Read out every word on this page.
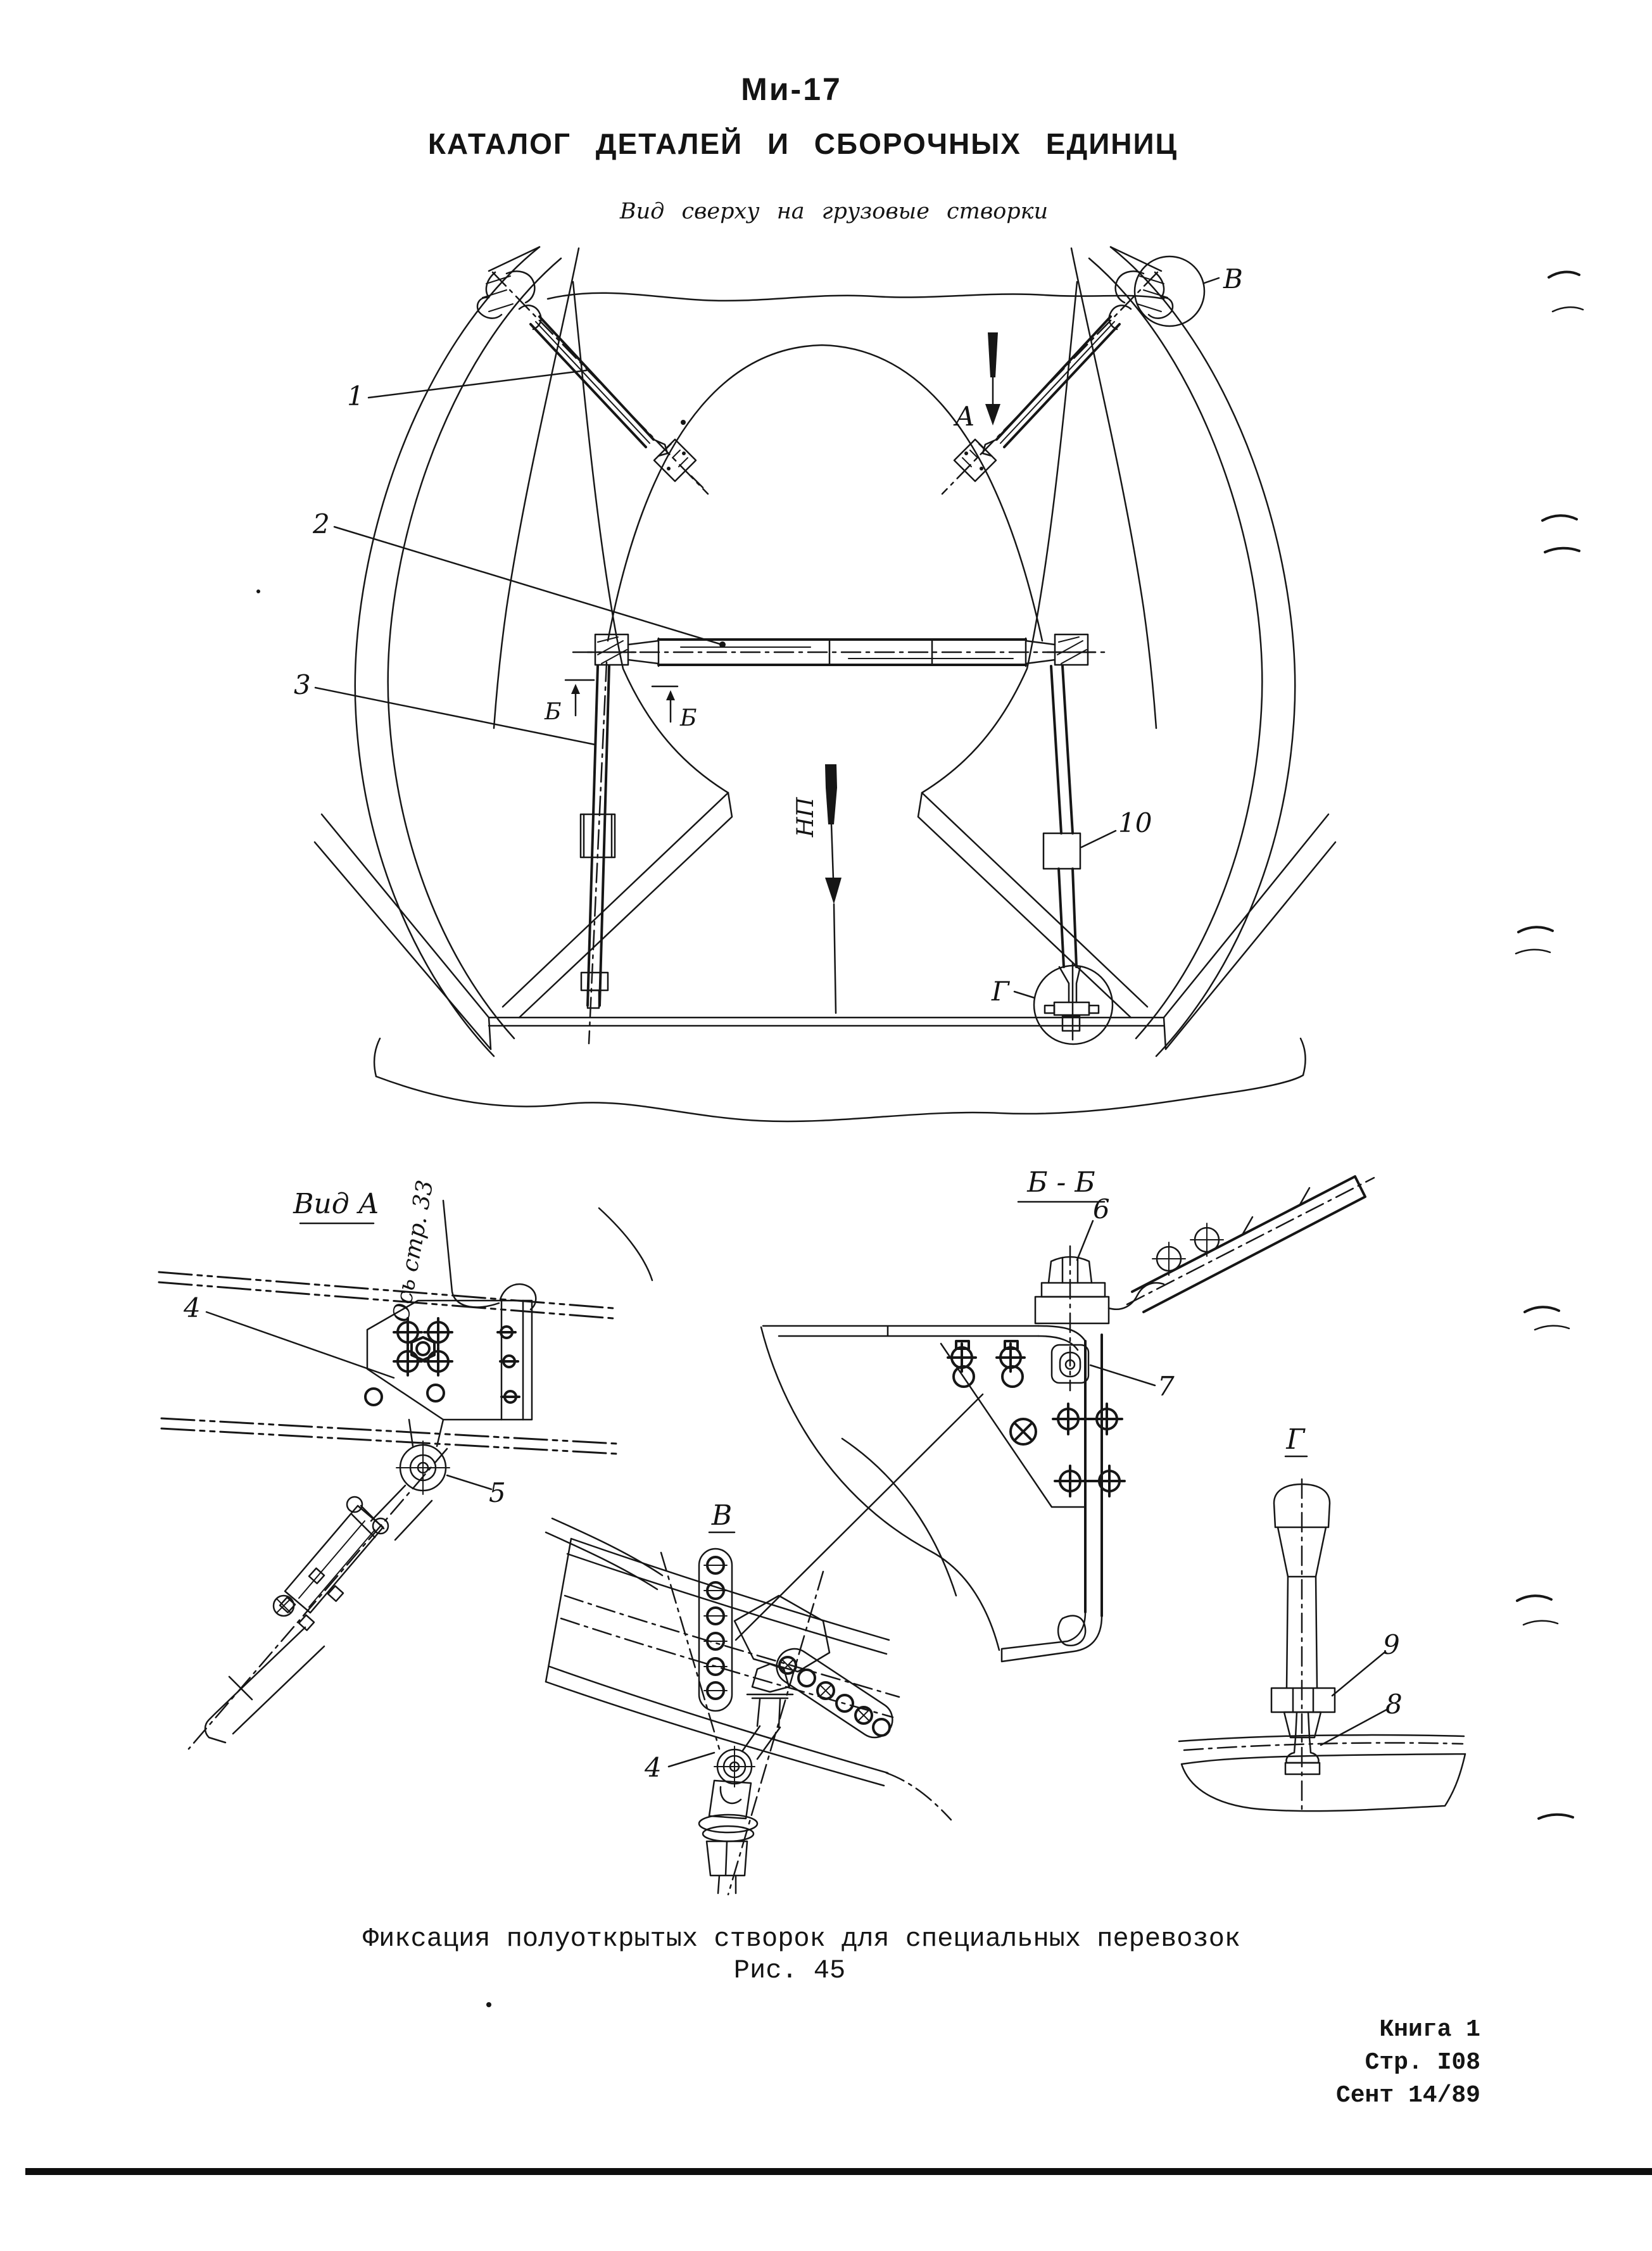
Ми-17
КАТАЛОГ ДЕТАЛЕЙ И СБОРОЧНЫХ ЕДИНИЦ
Вид сверху на грузовые створки
В
А
Г
НП
Б	Б
1
2
3
10
Вид А Ось стр. 33
4
5
Б - Б
6
7
В
4
Г
9
8
Фиксация полуоткрытых створок для специальных перевозок
Рис. 45
Книга 1
Стр. I08
Сент 14/89
